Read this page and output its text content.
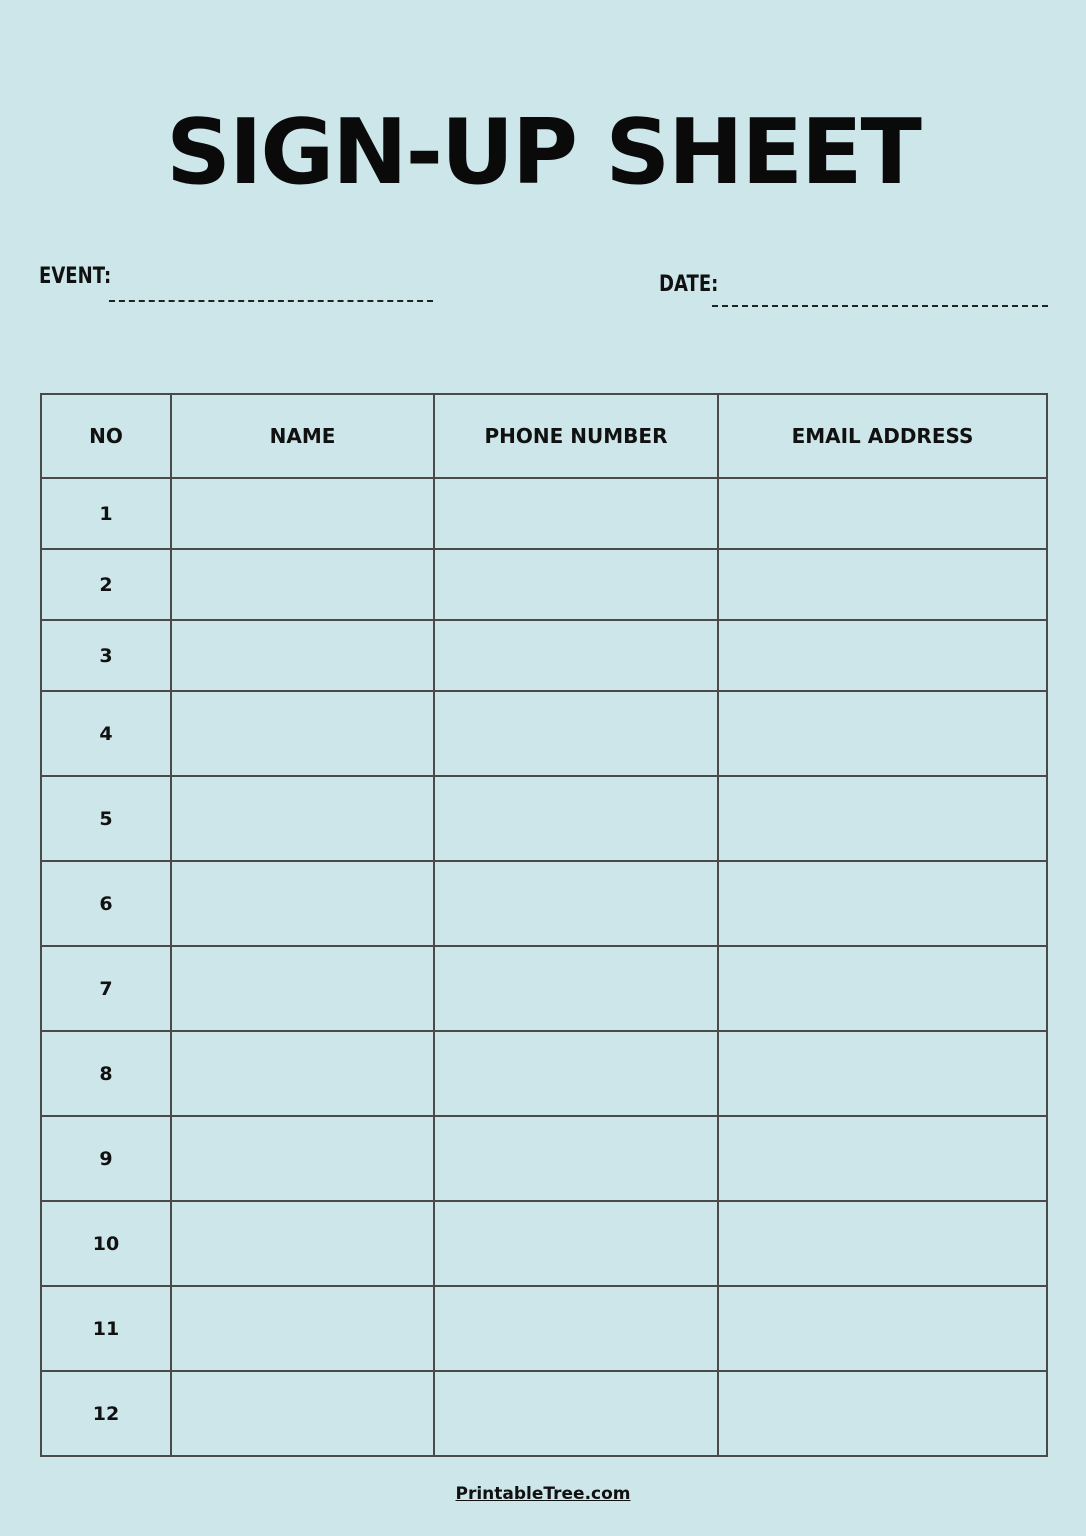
SIGN-UP SHEET
EVENT:	DATE:
NO	NAME	PHONE NUMBER	EMAIL ADDRESS
1			
2			
3			
4			
5			
6			
7			
8			
9			
10			
11			
12			
PrintableTree.com
